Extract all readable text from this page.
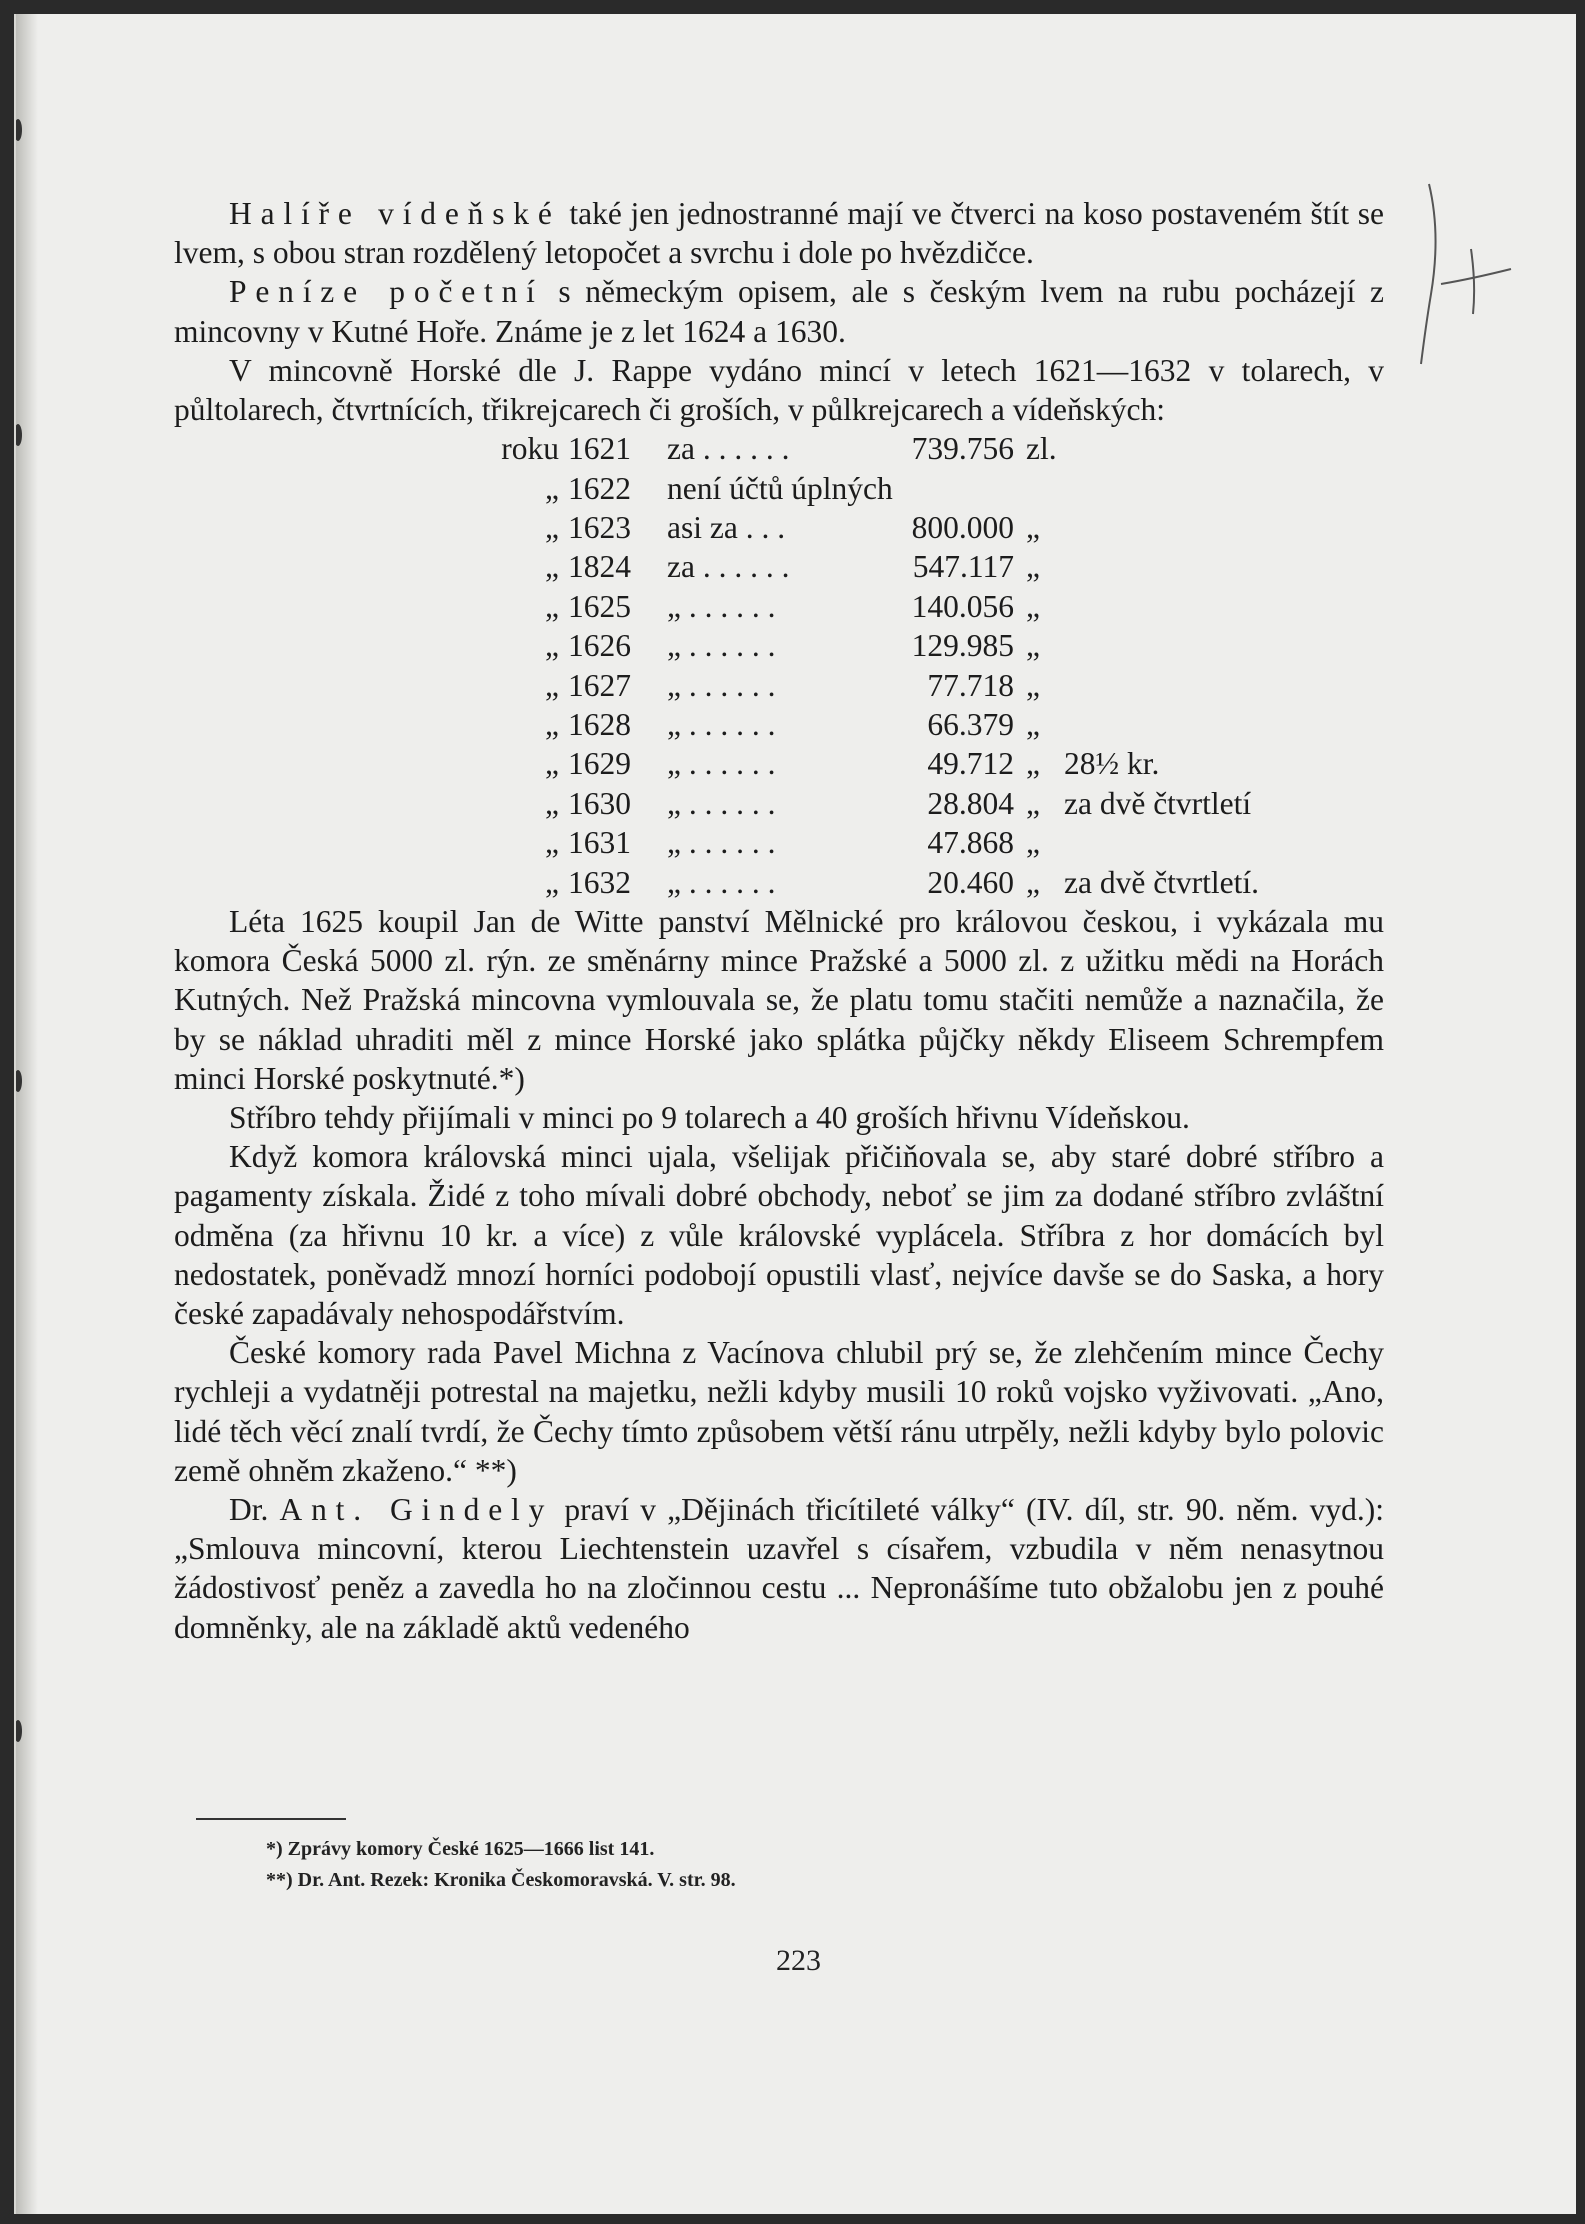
Halíře vídeňské také jen jednostranné mají ve čtverci na koso postaveném štít se lvem, s obou stran rozdělený letopočet a svrchu i dole po hvězdičce.

Peníze početní s německým opisem, ale s českým lvem na rubu pocházejí z mincovny v Kutné Hoře. Známe je z let 1624 a 1630.

V mincovně Horské dle J. Rappe vydáno mincí v letech 1621—1632 v tolarech, v půltolarech, čtvrtnících, třikrejcarech či groších, v půlkrejcarech a vídeňských:

roku 1621 za . . . . . .	739.756 zl.
„ 1622 není účtů úplných
„ 1623 asi za . . .	800.000 „
„ 1824 za . . . . . .	547.117 „
„ 1625 „ . . . . . .	140.056 „
„ 1626 „ . . . . . .	129.985 „
„ 1627 „ . . . . . .	77.718 „
„ 1628 „ . . . . . .	66.379 „
„ 1629 „ . . . . . .	49.712 „ 28½ kr.
„ 1630 „ . . . . . .	28.804 „ za dvě čtvrtletí
„ 1631 „ . . . . . .	47.868 „
„ 1632 „ . . . . . .	20.460 „ za dvě čtvrtletí.

Léta 1625 koupil Jan de Witte panství Mělnické pro královou českou, i vykázala mu komora Česká 5000 zl. rýn. ze směnárny mince Pražské a 5000 zl. z užitku mědi na Horách Kutných. Než Pražská mincovna vymlouvala se, že platu tomu stačiti nemůže a naznačila, že by se náklad uhraditi měl z mince Horské jako splátka půjčky někdy Eliseem Schrempfem minci Horské poskytnuté.*)

Stříbro tehdy přijímali v minci po 9 tolarech a 40 groších hřivnu Vídeňskou.

Když komora královská minci ujala, všelijak přičiňovala se, aby staré dobré stříbro a pagamenty získala. Židé z toho mívali dobré obchody, neboť se jim za dodané stříbro zvláštní odměna (za hřivnu 10 kr. a více) z vůle královské vyplácela. Stříbra z hor domácích byl nedostatek, poněvadž mnozí horníci podobojí opustili vlasť, nejvíce davše se do Saska, a hory české zapadávaly nehospodářstvím.

České komory rada Pavel Michna z Vacínova chlubil prý se, že zlehčením mince Čechy rychleji a vydatněji potrestal na majetku, nežli kdyby musili 10 roků vojsko vyživovati. „Ano, lidé těch věcí znalí tvrdí, že Čechy tímto způsobem větší ránu utrpěly, nežli kdyby bylo polovic země ohněm zkaženo.“ **)

Dr. Ant. Gindely praví v „Dějinách třicítileté války“ (IV. díl, str. 90. něm. vyd.): „Smlouva mincovní, kterou Liechtenstein uzavřel s císařem, vzbudila v něm nenasytnou žádostivosť peněz a zavedla ho na zločinnou cestu ... Nepronášíme tuto obžalobu jen z pouhé domněnky, ale na základě aktů vedeného

*) Zprávy komory České 1625—1666 list 141.
**) Dr. Ant. Rezek: Kronika Českomoravská. V. str. 98.
223
